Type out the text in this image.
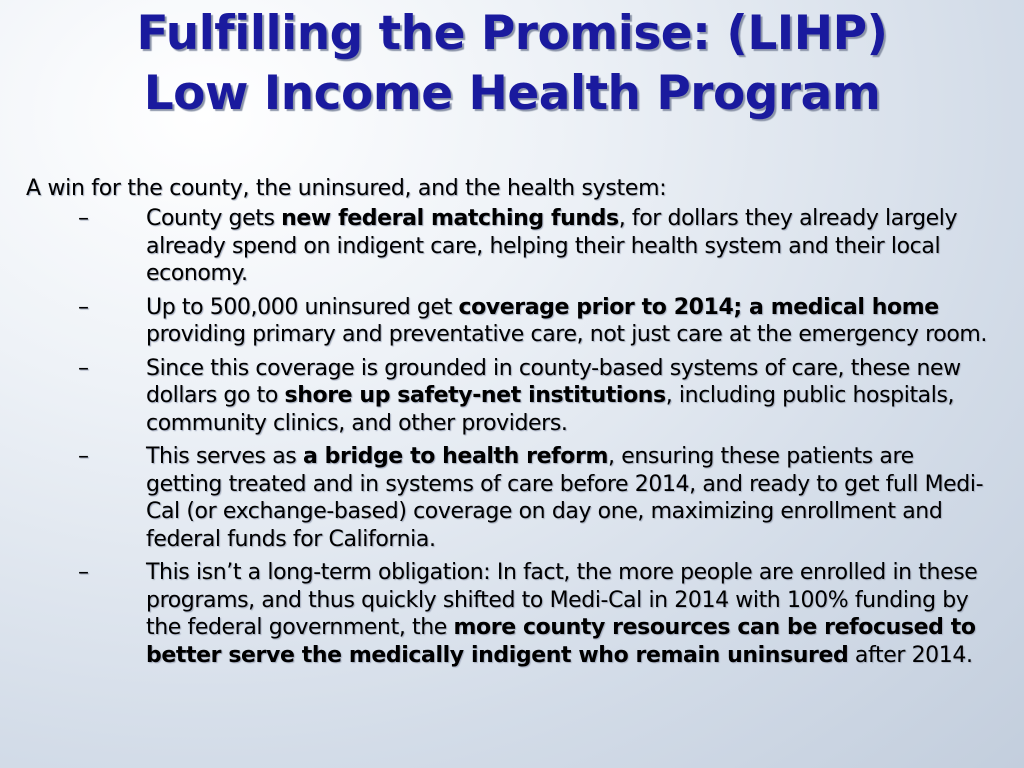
Fulfilling the Promise: (LIHP)
Low Income Health Program

A win for the county, the uninsured, and the health system:

–	County gets new federal matching funds, for dollars they already largely already spend on indigent care, helping their health system and their local economy.
–	Up to 500,000 uninsured get coverage prior to 2014; a medical home providing primary and preventative care, not just care at the emergency room.
–	Since this coverage is grounded in county-based systems of care, these new dollars go to shore up safety-net institutions, including public hospitals, community clinics, and other providers.
–	This serves as a bridge to health reform, ensuring these patients are getting treated and in systems of care before 2014, and ready to get full Medi-Cal (or exchange-based) coverage on day one, maximizing enrollment and federal funds for California.
–	This isn’t a long-term obligation: In fact, the more people are enrolled in these programs, and thus quickly shifted to Medi-Cal in 2014 with 100% funding by the federal government, the more county resources can be refocused to better serve the medically indigent who remain uninsured after 2014.
